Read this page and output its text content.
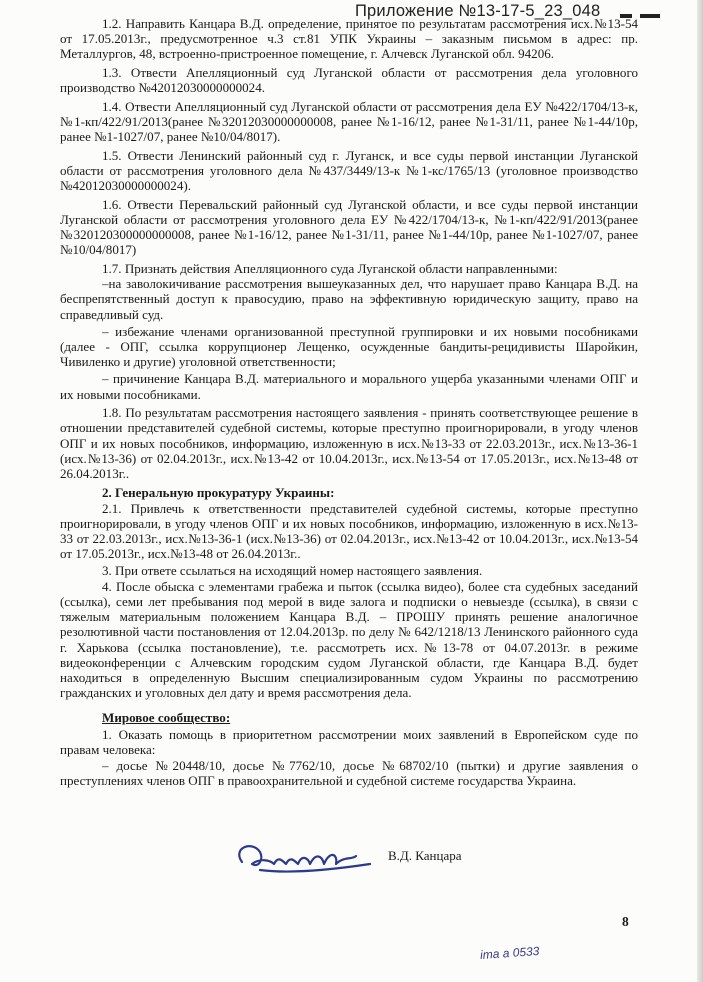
Приложение №13-17-5_23_048

1.2. Направить Канцара В.Д. определение, принятое по результатам рассмотрения исх.№13-54 от 17.05.2013г., предусмотренное ч.3 ст.81 УПК Украины – заказным письмом в адрес: пр. Металлургов, 48, встроенно-пристроенное помещение, г. Алчевск Луганской обл. 94206.

1.3. Отвести Апелляционный суд Луганской области от рассмотрения дела уголовного производство №42012030000000024.

1.4. Отвести Апелляционный суд Луганской области от рассмотрения дела ЕУ №422/1704/13-к, №1-кп/422/91/2013(ранее №32012030000000008, ранее №1-16/12, ранее №1-31/11, ранее №1-44/10р, ранее №1-1027/07, ранее №10/04/8017).

1.5. Отвести Ленинский районный суд г. Луганск, и все суды первой инстанции Луганской области от рассмотрения уголовного дела №437/3449/13-к №1-кс/1765/13 (уголовное производство №42012030000000024).

1.6. Отвести Перевальский районный суд Луганской области, и все суды первой инстанции Луганской области от рассмотрения уголовного дела ЕУ №422/1704/13-к, №1-кп/422/91/2013(ранее №320120300000000008, ранее №1-16/12, ранее №1-31/11, ранее №1-44/10р, ранее №1-1027/07, ранее №10/04/8017)

1.7. Признать действия Апелляционного суда Луганской области направленными:

–на заволокичивание рассмотрения вышеуказанных дел, что нарушает право Канцара В.Д. на беспрепятственный доступ к правосудию, право на эффективную юридическую защиту, право на справедливый суд.

– избежание членами организованной преступной группировки и их новыми пособниками (далее - ОПГ, ссылка коррупционер Лещенко, осужденные бандиты-рецидивисты Шаройкин, Чивиленко и другие) уголовной ответственности;

– причинение Канцара В.Д. материального и морального ущерба указанными членами ОПГ и их новыми пособниками.

1.8. По результатам рассмотрения настоящего заявления - принять соответствующее решение в отношении представителей судебной системы, которые преступно проигнорировали, в угоду членов ОПГ и их новых пособников, информацию, изложенную в исх.№13-33 от 22.03.2013г., исх.№13-36-1 (исх.№13-36) от 02.04.2013г., исх.№13-42 от 10.04.2013г., исх.№13-54 от 17.05.2013г., исх.№13-48 от 26.04.2013г..

2. Генеральную прокуратуру Украины:

2.1. Привлечь к ответственности представителей судебной системы, которые преступно проигнорировали, в угоду членов ОПГ и их новых пособников, информацию, изложенную в исх.№13-33 от 22.03.2013г., исх.№13-36-1 (исх.№13-36) от 02.04.2013г., исх.№13-42 от 10.04.2013г., исх.№13-54 от 17.05.2013г., исх.№13-48 от 26.04.2013г..

3. При ответе ссылаться на исходящий номер настоящего заявления.

4. После обыска с элементами грабежа и пыток (ссылка видео), более ста судебных заседаний (ссылка), семи лет пребывания под мерой в виде залога и подписки о невыезде (ссылка), в связи с тяжелым материальным положением Канцара В.Д. – ПРОШУ принять решение аналогичное резолютивной части постановления от 12.04.2013р. по делу № 642/1218/13 Ленинского районного суда г. Харькова (ссылка постановление), т.е. рассмотреть исх.№13-78 от 04.07.2013г. в режиме видеоконференции с Алчевским городским судом Луганской области, где Канцара В.Д. будет находиться в определенную Высшим специализированным судом Украины по рассмотрению гражданских и уголовных дел дату и время рассмотрения дела.

Мировое сообщество:

1. Оказать помощь в приоритетном рассмотрении моих заявлений в Европейском суде по правам человека:

– досье №20448/10, досье №7762/10, досье №68702/10 (пытки) и другие заявления о преступлениях членов ОПГ в правоохранительной и судебной системе государства Украина.

В.Д. Канцара
8
ima a 0533
